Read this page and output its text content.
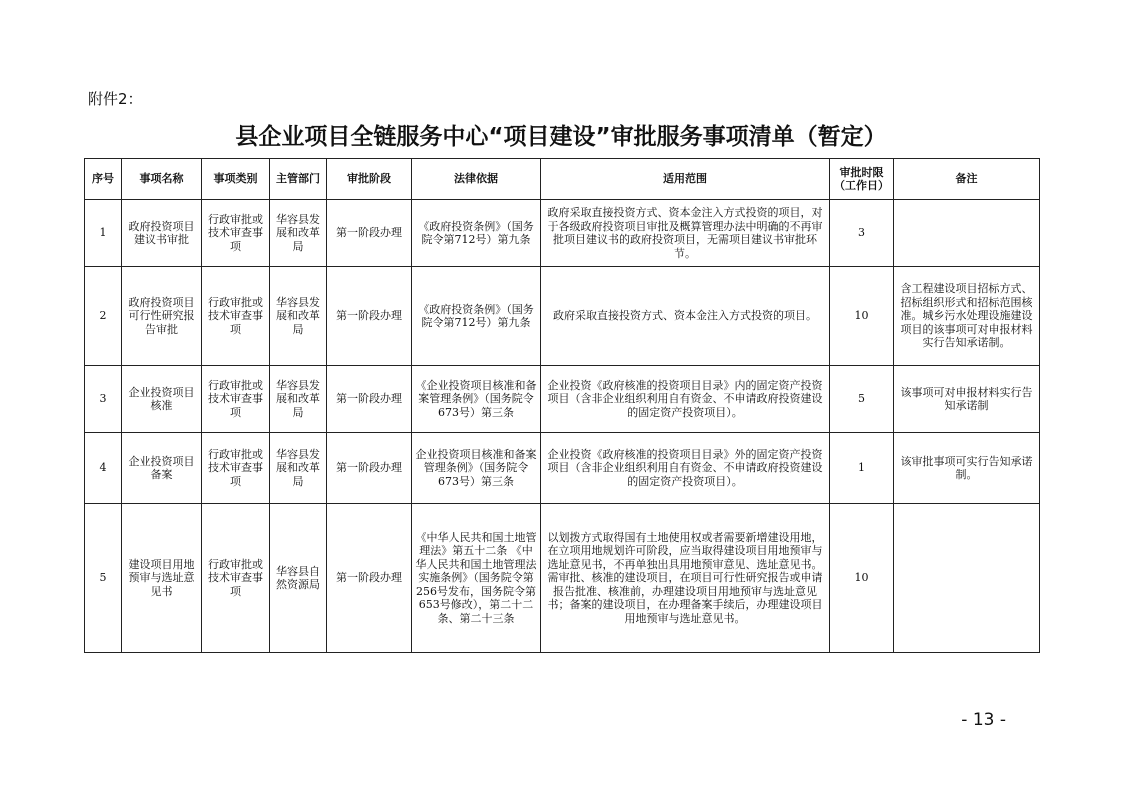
附件2：
县企业项目全链服务中心“项目建设”审批服务事项清单（暂定）
序号	事项名称	事项类别	主管部门	审批阶段	法律依据	适用范围	审批时限（工作日）	备注
1	政府投资项目建议书审批	行政审批或技术审查事项	华容县发展和改革局	第一阶段办理	《政府投资条例》（国务院令第712号）第九条	政府采取直接投资方式、资本金注入方式投资的项目，对于各级政府投资项目审批及概算管理办法中明确的不再审批项目建议书的政府投资项目，无需项目建议书审批环节。	3	
2	政府投资项目可行性研究报告审批	行政审批或技术审查事项	华容县发展和改革局	第一阶段办理	《政府投资条例》（国务院令第712号）第九条	政府采取直接投资方式、资本金注入方式投资的项目。	10	含工程建设项目招标方式、招标组织形式和招标范围核准。城乡污水处理设施建设项目的该事项可对申报材料实行告知承诺制。
3	企业投资项目核准	行政审批或技术审查事项	华容县发展和改革局	第一阶段办理	《企业投资项目核准和备案管理条例》（国务院令673号）第三条	企业投资《政府核准的投资项目目录》内的固定资产投资项目（含非企业组织利用自有资金、不申请政府投资建设的固定资产投资项目）。	5	该事项可对申报材料实行告知承诺制
4	企业投资项目备案	行政审批或技术审查事项	华容县发展和改革局	第一阶段办理	企业投资项目核准和备案管理条例》（国务院令 673号）第三条	企业投资《政府核准的投资项目目录》外的固定资产投资项目（含非企业组织利用自有资金、不申请政府投资建设的固定资产投资项目）。	1	该审批事项可实行告知承诺制。
5	建设项目用地预审与选址意见书	行政审批或技术审查事项	华容县自然资源局	第一阶段办理	《中华人民共和国土地管理法》第五十二条 《中华人民共和国土地管理法实施条例》（国务院令第256号发布，国务院令第 653号修改），第二十二条、第二十三条	以划拨方式取得国有土地使用权或者需要新增建设用地，在立项用地规划许可阶段，应当取得建设项目用地预审与选址意见书，不再单独出具用地预审意见、选址意见书。需审批、核准的建设项目，在项目可行性研究报告或申请报告批准、核准前，办理建设项目用地预审与选址意见书；备案的建设项目，在办理备案手续后，办理建设项目用地预审与选址意见书。	10	
- 13 -
